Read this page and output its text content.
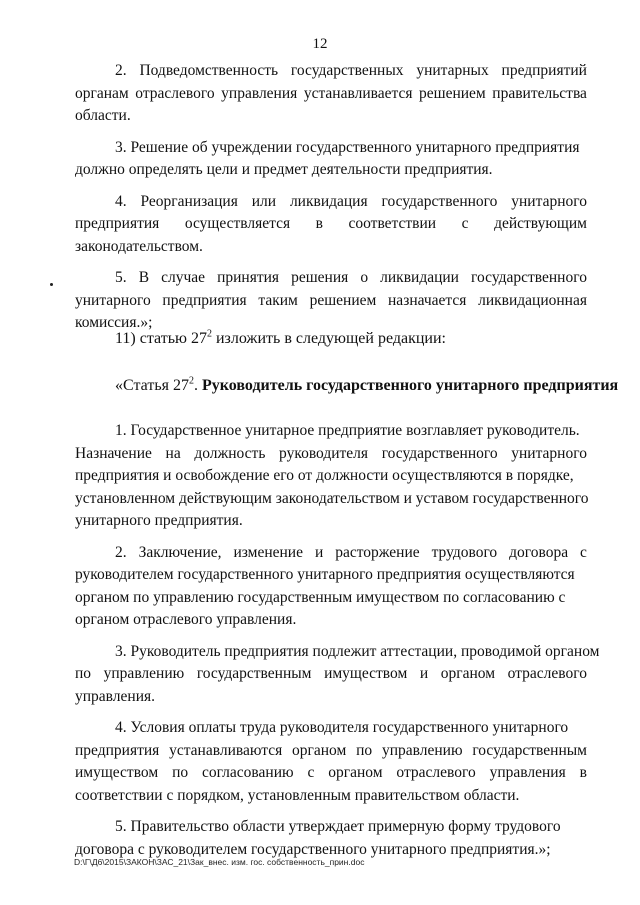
12
2. Подведомственность государственных унитарных предприятий
органам отраслевого управления устанавливается решением правительства
области.
3. Решение об учреждении государственного унитарного предприятия
должно определять цели и предмет деятельности предприятия.
4. Реорганизация или ликвидация государственного унитарного
предприятия осуществляется в соответствии с действующим
законодательством.
5. В случае принятия решения о ликвидации государственного
унитарного предприятия таким решением назначается ликвидационная
комиссия.»;
11) статью $27^2$ изложить в следующей редакции:
«Статья $27^2$. Руководитель государственного унитарного предприятия
1. Государственное унитарное предприятие возглавляет руководитель.
Назначение на должность руководителя государственного унитарного
предприятия и освобождение его от должности осуществляются в порядке,
установленном действующим законодательством и уставом государственного
унитарного предприятия.
2. Заключение, изменение и расторжение трудового договора с
руководителем государственного унитарного предприятия осуществляются
органом по управлению государственным имуществом по согласованию с
органом отраслевого управления.
3. Руководитель предприятия подлежит аттестации, проводимой органом
по управлению государственным имуществом и органом отраслевого
управления.
4. Условия оплаты труда руководителя государственного унитарного
предприятия устанавливаются органом по управлению государственным
имуществом по согласованию с органом отраслевого управления в
соответствии с порядком, установленным правительством области.
5. Правительство области утверждает примерную форму трудового
договора с руководителем государственного унитарного предприятия.»;
D:\Г\Д6\2015\ЗАКОН\ЗАС_21\Зак_внес. изм. гос. собственность_прин.doc
